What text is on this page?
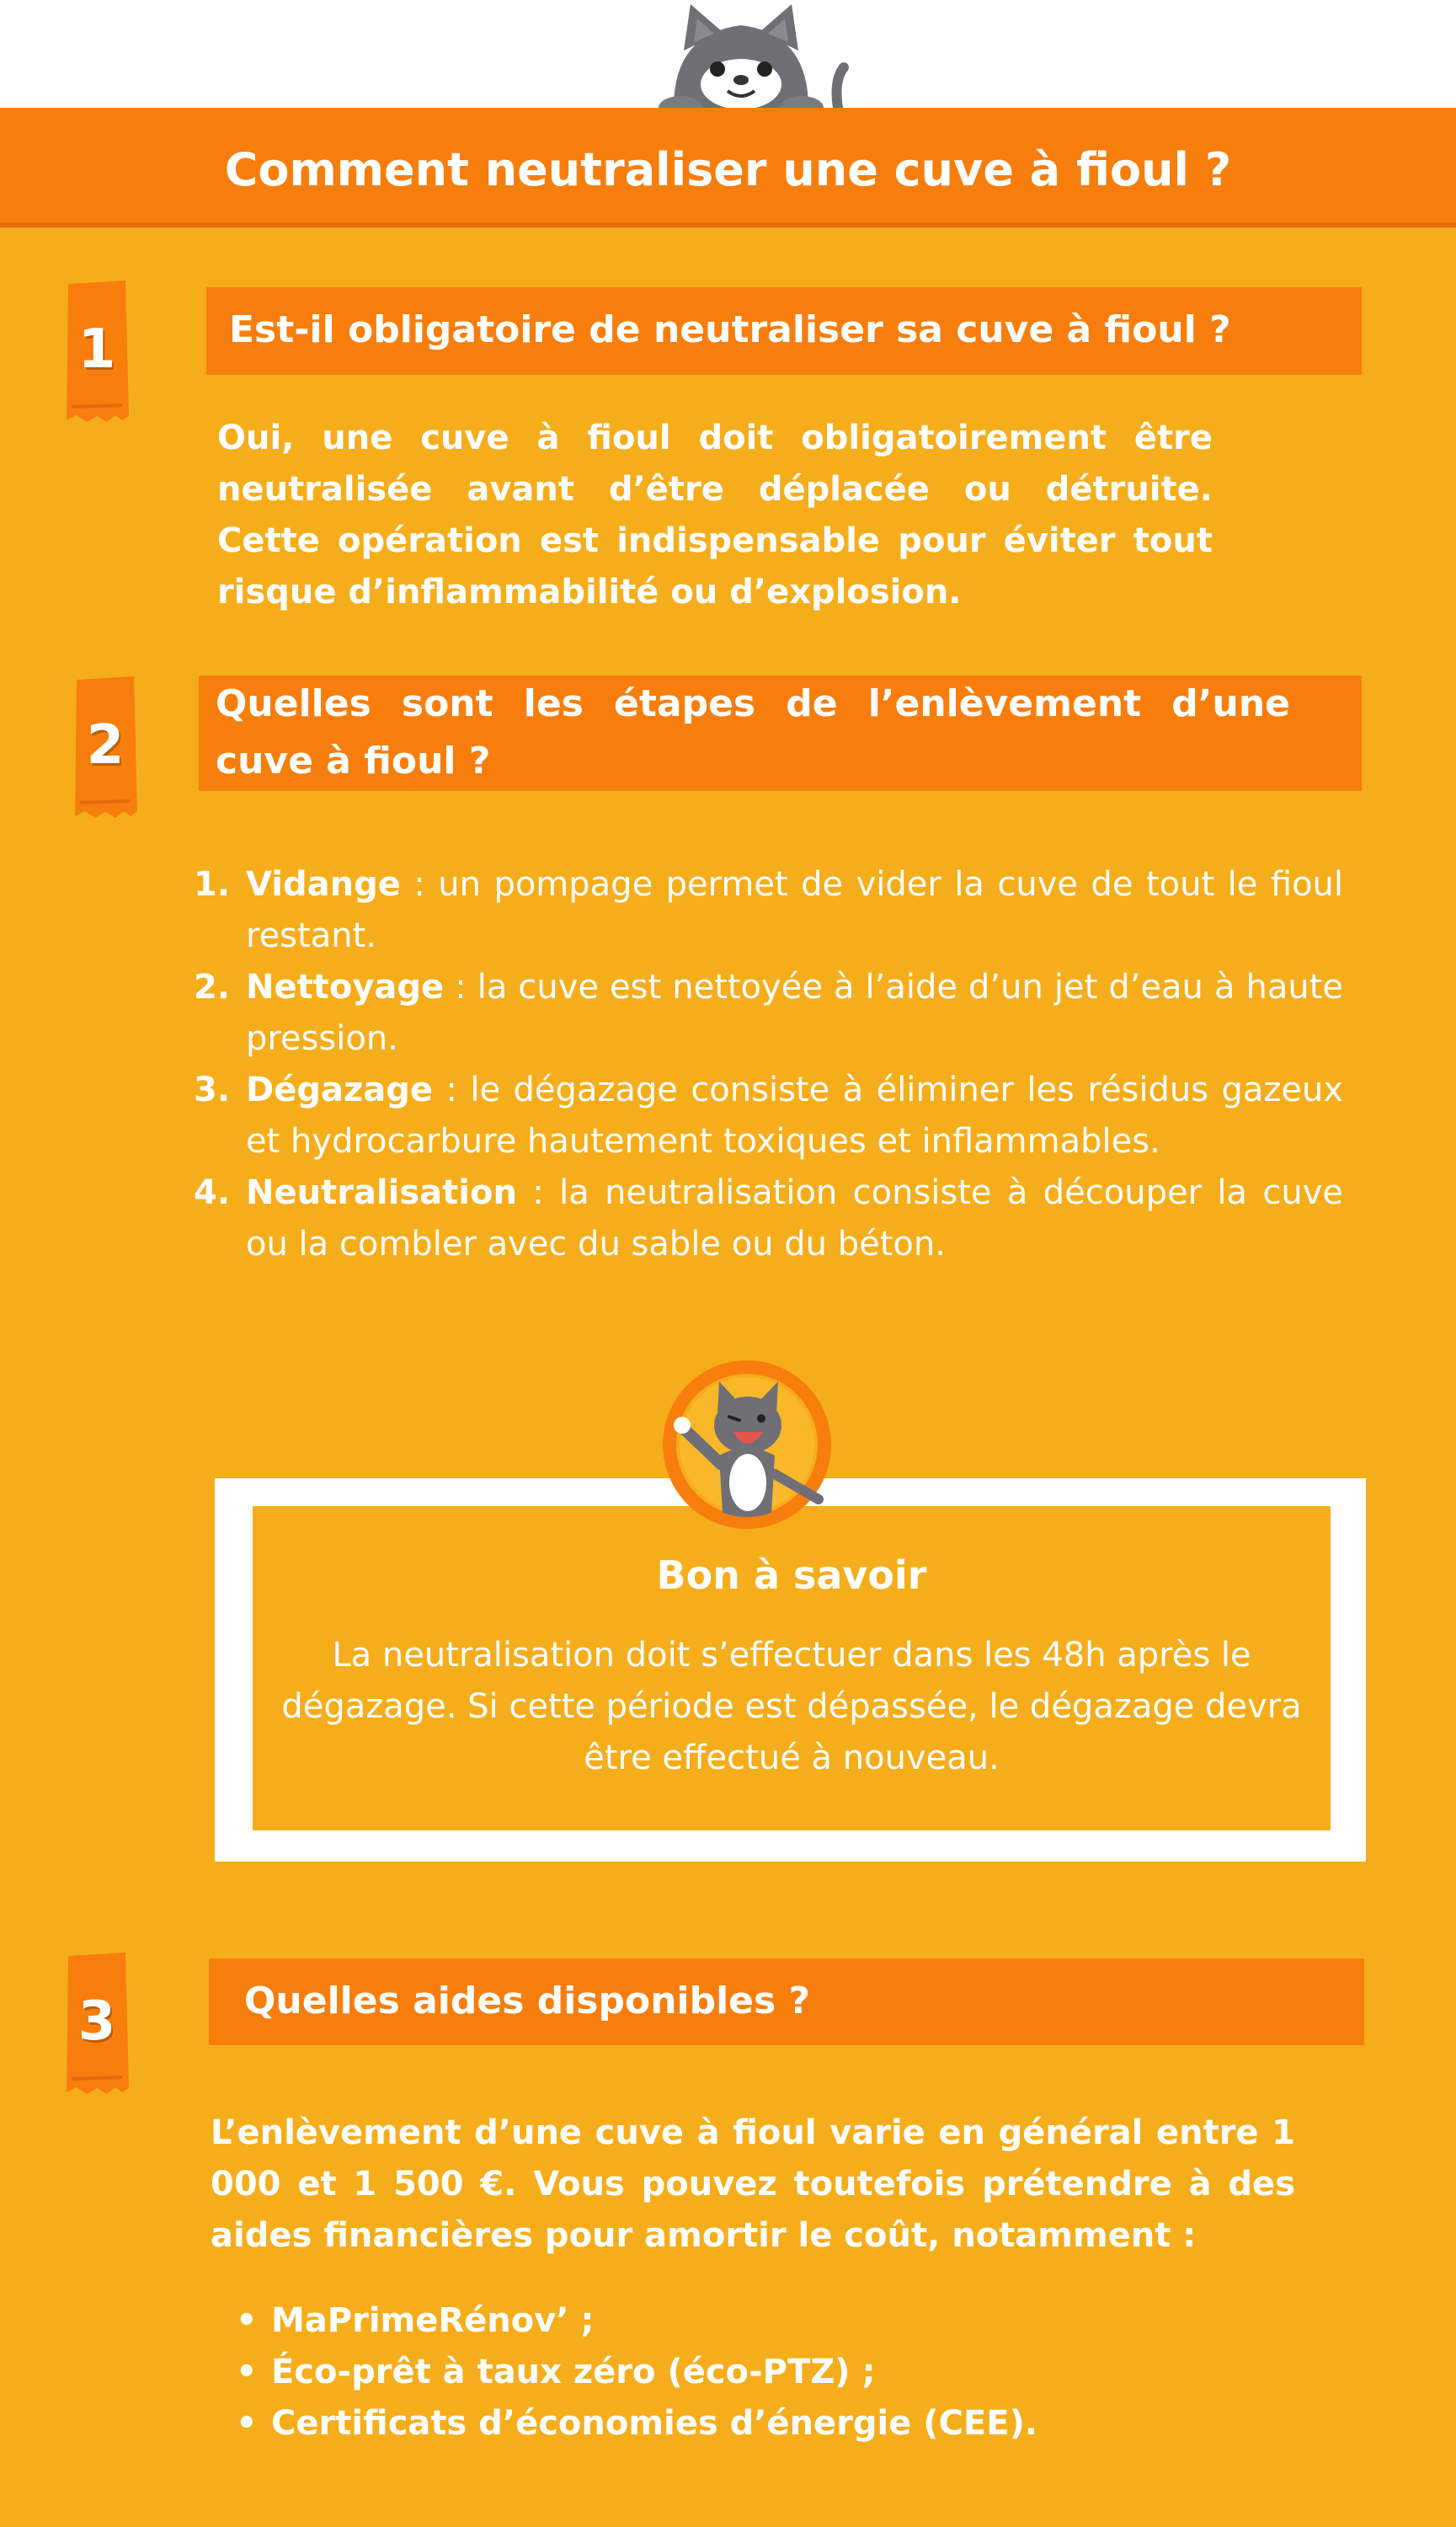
Comment neutraliser une cuve à fioul ?
1	Est-il obligatoire de neutraliser sa cuve à fioul ?

Oui, une cuve à fioul doit obligatoirement être neutralisée avant d’être déplacée ou détruite. Cette opération est indispensable pour éviter tout risque d’inflammabilité ou d’explosion.

2
Quelles sont les étapes de l’enlèvement d’une cuve à fioul ?
1. Vidange : un pompage permet de vider la cuve de tout le fioul restant.
2. Nettoyage : la cuve est nettoyée à l’aide d’un jet d’eau à haute pression.
3. Dégazage : le dégazage consiste à éliminer les résidus gazeux et hydrocarbure hautement toxiques et inflammables.
4. Neutralisation : la neutralisation consiste à découper la cuve ou la combler avec du sable ou du béton.
Bon à savoir
La neutralisation doit s’effectuer dans les 48h après le dégazage. Si cette période est dépassée, le dégazage devra être effectué à nouveau.
3	Quelles aides disponibles ?

L’enlèvement d’une cuve à fioul varie en général entre 1 000 et 1 500 €. Vous pouvez toutefois prétendre à des aides financières pour amortir le coût, notamment :

• MaPrimeRénov’ ;
• Éco-prêt à taux zéro (éco-PTZ) ;
• Certificats d’économies d’énergie (CEE).
